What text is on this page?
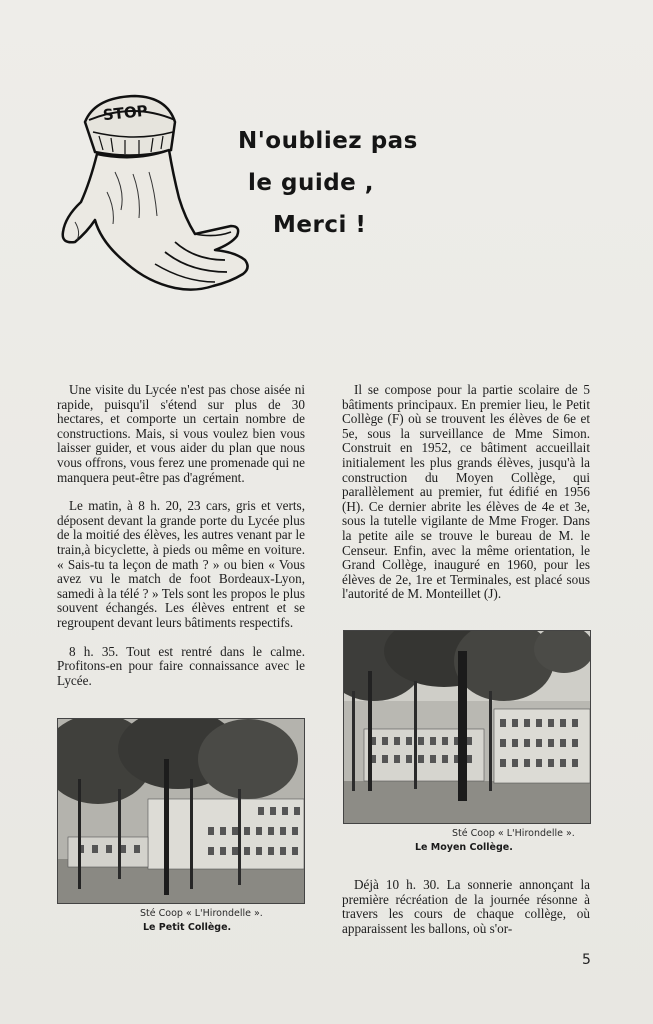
STOP
N'oubliez pas
le guide ,
Merci !

Une visite du Lycée n'est pas chose aisée ni rapide, puisqu'il s'étend sur plus de 30 hectares, et comporte un certain nombre de constructions. Mais, si vous voulez bien vous laisser guider, et vous aider du plan que nous vous offrons, vous ferez une promenade qui ne manquera peut-être pas d'agrément.

Le matin, à 8 h. 20, 23 cars, gris et verts, déposent devant la grande porte du Lycée plus de la moitié des élèves, les autres venant par le train,à bicyclette, à pieds ou même en voiture. « Sais-tu ta leçon de math ? » ou bien « Vous avez vu le match de foot Bordeaux-Lyon, samedi à la télé ? » Tels sont les propos le plus souvent échangés. Les élèves entrent et se regroupent devant leurs bâtiments respectifs.

8 h. 35. Tout est rentré dans le calme. Profitons-en pour faire connaissance avec le Lycée.

Il se compose pour la partie scolaire de 5 bâtiments principaux. En premier lieu, le Petit Collège (F) où se trouvent les élèves de 6e et 5e, sous la surveillance de Mme Simon. Construit en 1952, ce bâtiment accueillait initialement les plus grands élèves, jusqu'à la construction du Moyen Collège, qui parallèlement au premier, fut édifié en 1956 (H). Ce dernier abrite les élèves de 4e et 3e, sous la tutelle vigilante de Mme Froger. Dans la petite aile se trouve le bureau de M. le Censeur. Enfin, avec la même orientation, le Grand Collège, inauguré en 1960, pour les élèves de 2e, 1re et Terminales, est placé sous l'autorité de M. Monteillet (J).

Sté Coop « L'Hirondelle ».
Le Moyen Collège.
Sté Coop « L'Hirondelle ».
Le Petit Collège.

Déjà 10 h. 30. La sonnerie annonçant la première récréation de la journée résonne à travers les cours de chaque collège, où apparaissent les ballons, où s'or-

5
